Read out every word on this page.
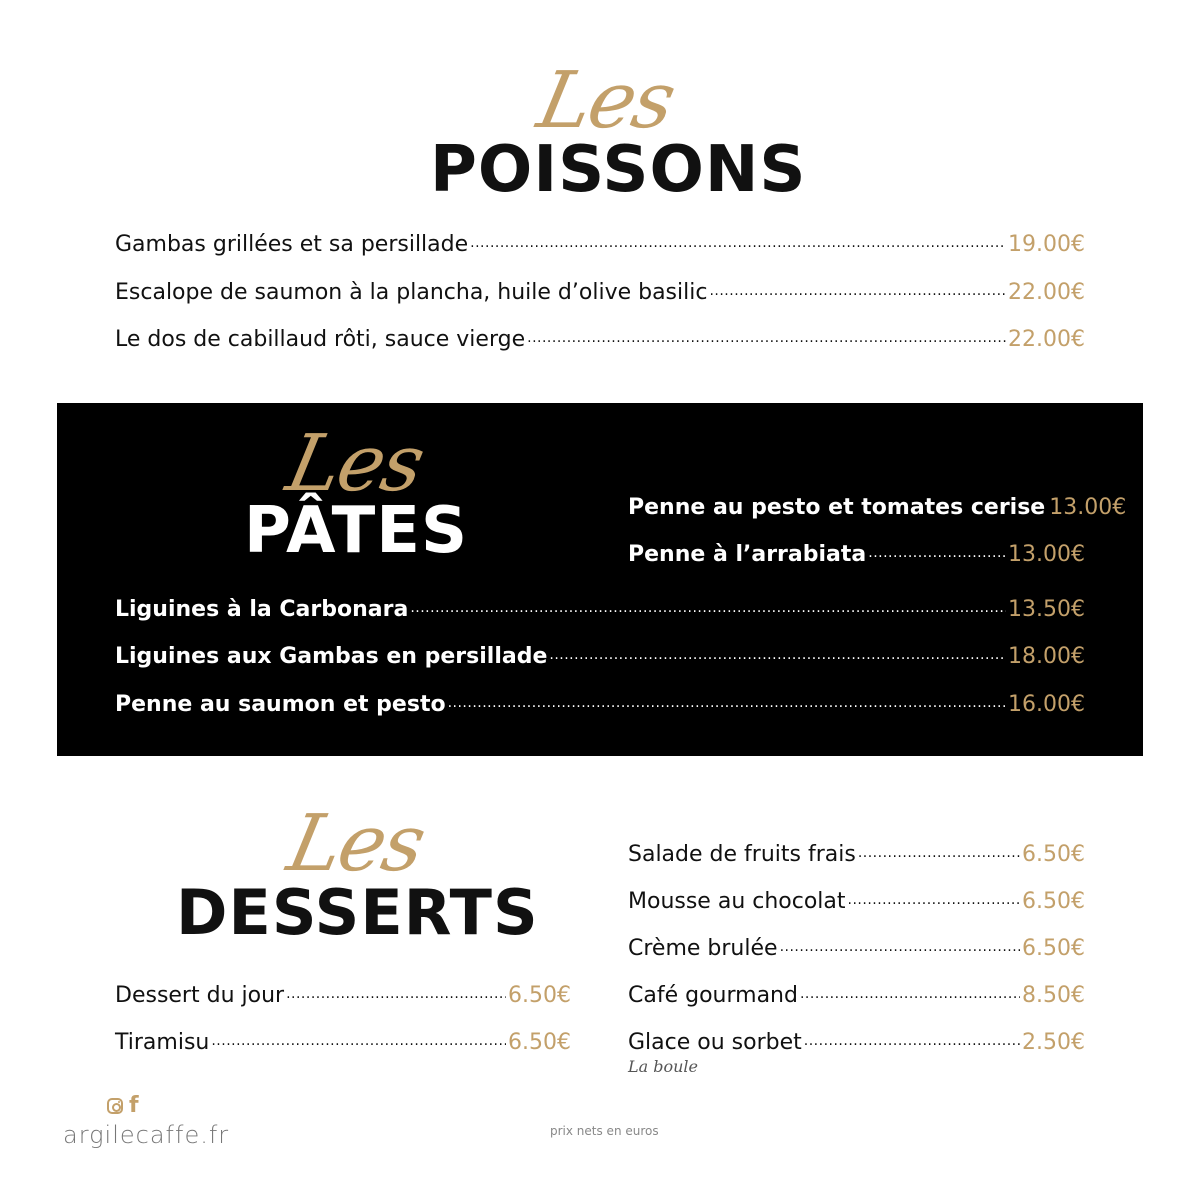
Les
POISSONS
Gambas grillées et sa persillade .....	19.00€
Escalope de saumon à la plancha, huile d’olive basilic .....	22.00€
Le dos de cabillaud rôti, sauce vierge .....	22.00€
Les
PÂTES	Penne au pesto et tomates cerise 13.00€
Penne à l’arrabiata .....	13.00€
Liguines à la Carbonara .....	13.50€
Liguines aux Gambas en persillade .....	18.00€
Penne au saumon et pesto .....	16.00€
Les
DESSERTS
Dessert du jour .....	6.50€
Tiramisu .....	6.50€
Salade de fruits frais .....	6.50€
Mousse au chocolat .....	6.50€
Crème brulée .....	6.50€
Café gourmand .....	8.50€
Glace ou sorbet .....	2.50€
La boule
f
argilecaffe.fr	prix nets en euros
